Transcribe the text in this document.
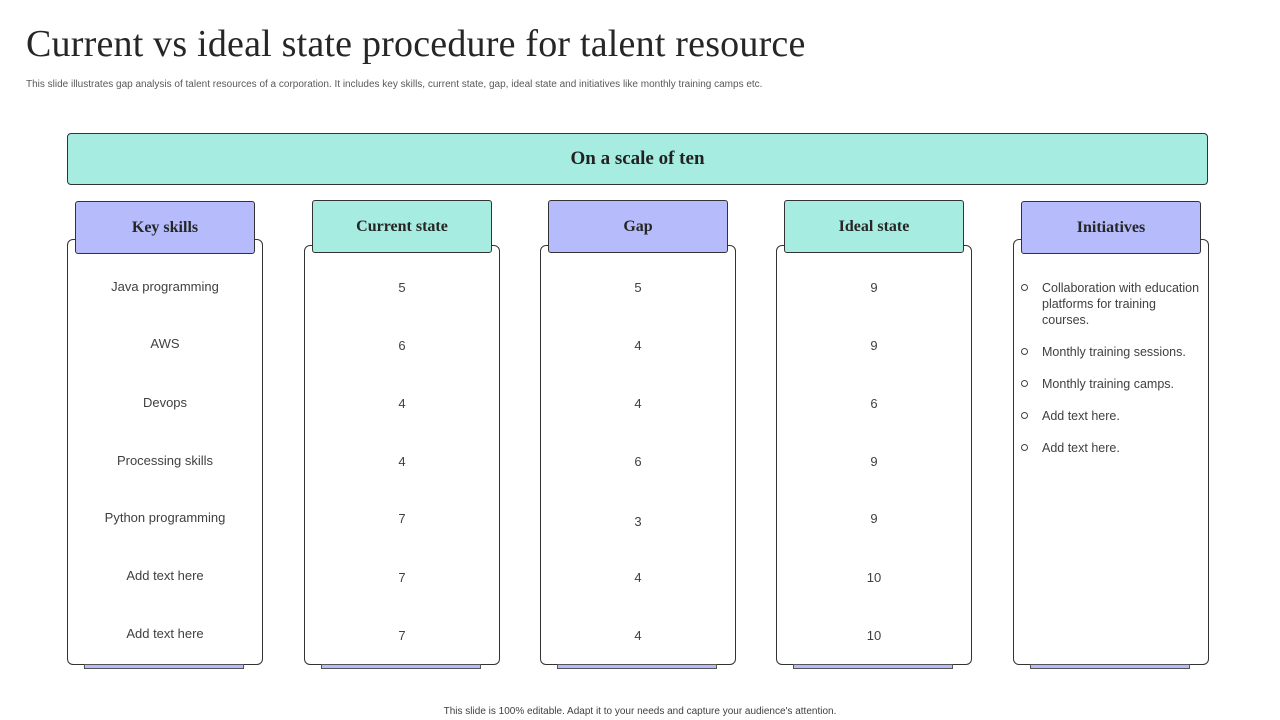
Current vs ideal state procedure for talent resource
This slide illustrates gap analysis of talent resources of a corporation. It includes key skills, current state, gap, ideal state and initiatives like monthly training camps etc.
On a scale of ten
Key skills
Java programming
AWS
Devops
Processing skills
Python programming
Add text here
Add text here
Current state
5
6
4
4
7
7
7
Gap
5
4
4
6
3
4
4
Ideal state
9
9
6
9
9
10
10
Initiatives
Collaboration with education platforms for training courses.
Monthly training sessions.
Monthly training camps.
Add text here.
Add text here.
This slide is 100% editable. Adapt it to your needs and capture your audience's attention.
